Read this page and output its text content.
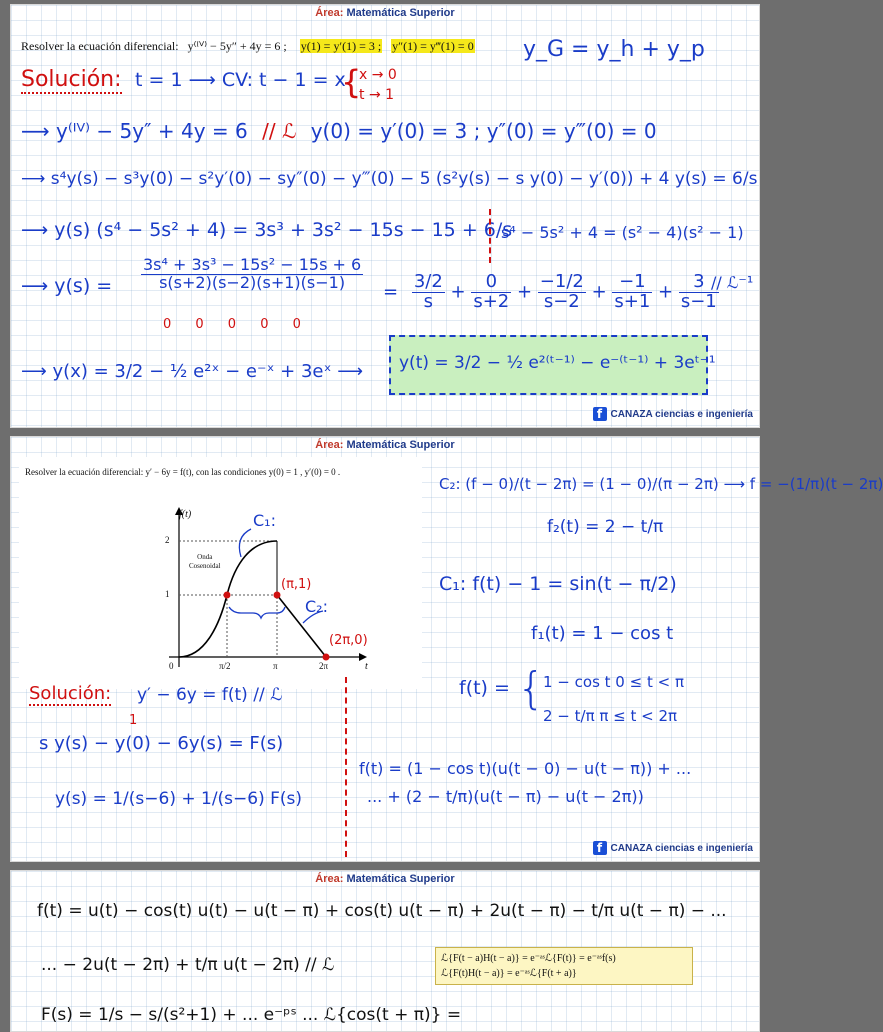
Área: Matemática Superior
Resolver la ecuación diferencial: y⁽ᴵⱽ⁾ − 5y″ + 4y = 6 ; y(1) = y′(1) = 3 ; y″(1) = y‴(1) = 0 y_G = y_h + y_p
Solución: t = 1 ⟶ CV: t − 1 = x
{
x → 0
t → 1
⟶ y⁽ᴵⱽ⁾ − 5y″ + 4y = 6 // ℒ y(0) = y′(0) = 3 ; y″(0) = y‴(0) = 0
⟶ s⁴y(s) − s³y(0) − s²y′(0) − sy″(0) − y‴(0) − 5 (s²y(s) − s y(0) − y′(0)) + 4 y(s) = 6/s
⟶ y(s) (s⁴ − 5s² + 4) = 3s³ + 3s² − 15s − 15 + 6/s
s⁴ − 5s² + 4 = (s² − 4)(s² − 1)
⟶ $y(s) = \frac{\text{3s⁴ + 3s³ − 15s² − 15s + 6}}{s(s+2)(s-2)(s+1)(s-1)}$
= $\frac{3/2}{s} + \frac{0}{s+2} + \frac{-1/2}{s-2} + \frac{-1}{s+1} + \frac{3}{s-1}$
// ℒ⁻¹
0 0 0 0 0
⟶ y(x) = 3/2 − ½ e²ˣ − e⁻ˣ + 3eˣ ⟶ y(t) = 3/2 − ½ e²⁽ᵗ⁻¹⁾ − e⁻⁽ᵗ⁻¹⁾ + 3eᵗ⁻¹
f CANAZA ciencias e ingeniería
Área: Matemática Superior
Resolver la ecuación diferencial: y′ − 6y = f(t), con las condiciones y(0) = 1 , y′(0) = 0 .
f(t)
t
2
1
0	π/2	π	2π
Onda
Cosenoidal
C₁:
C₂:
(π,1)
(2π,0)
C₂: (f − 0)/(t − 2π) = (1 − 0)/(π − 2π) ⟶ f = −(1/π)(t − 2π)
f₂(t) = 2 − t/π
C₁: f(t) − 1 = sin(t − π/2)
f₁(t) = 1 − cos t
f(t) = {
1 − cos t 0 ≤ t < π
2 − t/π π ≤ t < 2π
Solución: y′ − 6y = f(t) // ℒ
1
s y(s) − y(0) − 6y(s) = F(s)
y(s) = 1/(s−6) + 1/(s−6) F(s)
f(t) = (1 − cos t)(u(t − 0) − u(t − π)) + ...
... + (2 − t/π)(u(t − π) − u(t − 2π))
f CANAZA ciencias e ingeniería
Área: Matemática Superior
f(t) = u(t) − cos(t) u(t) − u(t − π) + cos(t) u(t − π) + 2u(t − π) − t/π u(t − π) − ...
... − 2u(t − 2π) + t/π u(t − 2π) // ℒ	ℒ{F(t − a)H(t − a)} = e⁻ᵃˢℒ{F(t)} = e⁻ᵃˢf(s)
ℒ{F(t)H(t − a)} = e⁻ᵃˢℒ{F(t + a)}
F(s) = 1/s − s/(s²+1) + ... e⁻ᵖˢ ... ℒ{cos(t + π)} =
